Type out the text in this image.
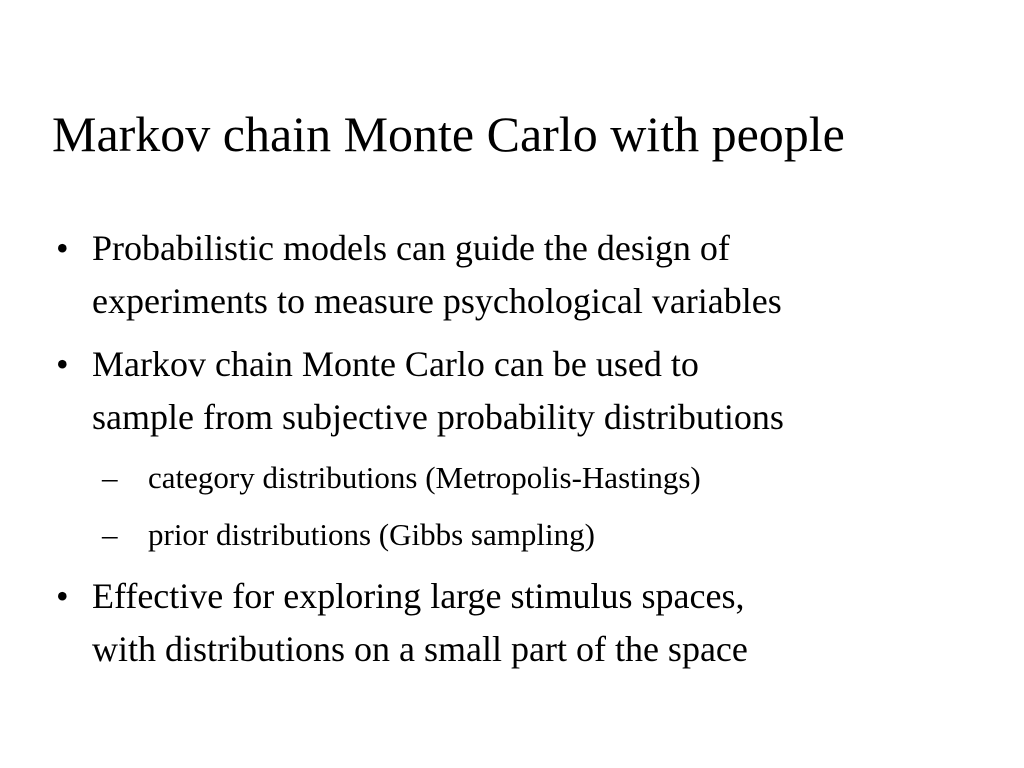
Markov chain Monte Carlo with people
• Probabilistic models can guide the design of
experiments to measure psychological variables
• Markov chain Monte Carlo can be used to
sample from subjective probability distributions
– category distributions (Metropolis-Hastings)
– prior distributions (Gibbs sampling)
• Effective for exploring large stimulus spaces,
with distributions on a small part of the space
